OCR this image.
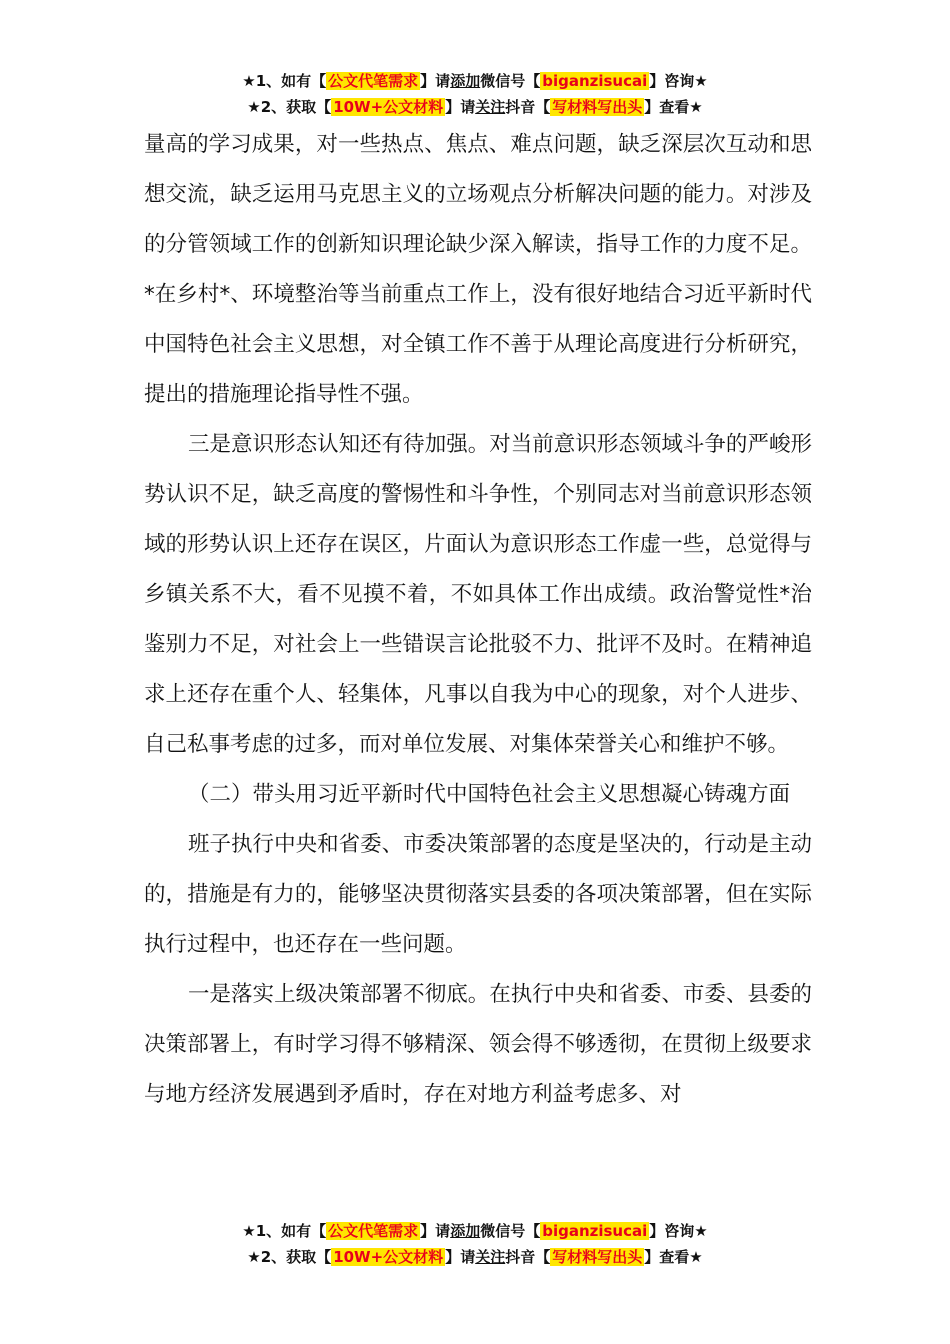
★1、如有【 公文代笔需求 】请添加微信号【 biganzisucai 】咨询★
★2、获取【 10W+公文材料 】请关注抖音【 写材料写出头 】查看★

量高的学习成果，对一些热点、焦点、难点问题，缺乏深层次互动和思想交流，缺乏运用马克思主义的立场观点分析解决问题的能力。对涉及的分管领域工作的创新知识理论缺少深入解读，指导工作的力度不足。*在乡村*、环境整治等当前重点工作上，没有很好地结合习近平新时代中国特色社会主义思想，对全镇工作不善于从理论高度进行分析研究，提出的措施理论指导性不强。

三是意识形态认知还有待加强。对当前意识形态领域斗争的严峻形势认识不足，缺乏高度的警惕性和斗争性，个别同志对当前意识形态领域的形势认识上还存在误区，片面认为意识形态工作虚一些，总觉得与乡镇关系不大，看不见摸不着，不如具体工作出成绩。政治警觉性*治鉴别力不足，对社会上一些错误言论批驳不力、批评不及时。在精神追求上还存在重个人、轻集体，凡事以自我为中心的现象，对个人进步、自己私事考虑的过多，而对单位发展、对集体荣誉关心和维护不够。

（二）带头用习近平新时代中国特色社会主义思想凝心铸魂方面

班子执行中央和省委、市委决策部署的态度是坚决的，行动是主动的，措施是有力的，能够坚决贯彻落实县委的各项决策部署，但在实际执行过程中，也还存在一些问题。

一是落实上级决策部署不彻底。在执行中央和省委、市委、县委的决策部署上，有时学习得不够精深、领会得不够透彻，在贯彻上级要求与地方经济发展遇到矛盾时，存在对地方利益考虑多、对

★1、如有【 公文代笔需求 】请添加微信号【 biganzisucai 】咨询★
★2、获取【 10W+公文材料 】请关注抖音【 写材料写出头 】查看★
